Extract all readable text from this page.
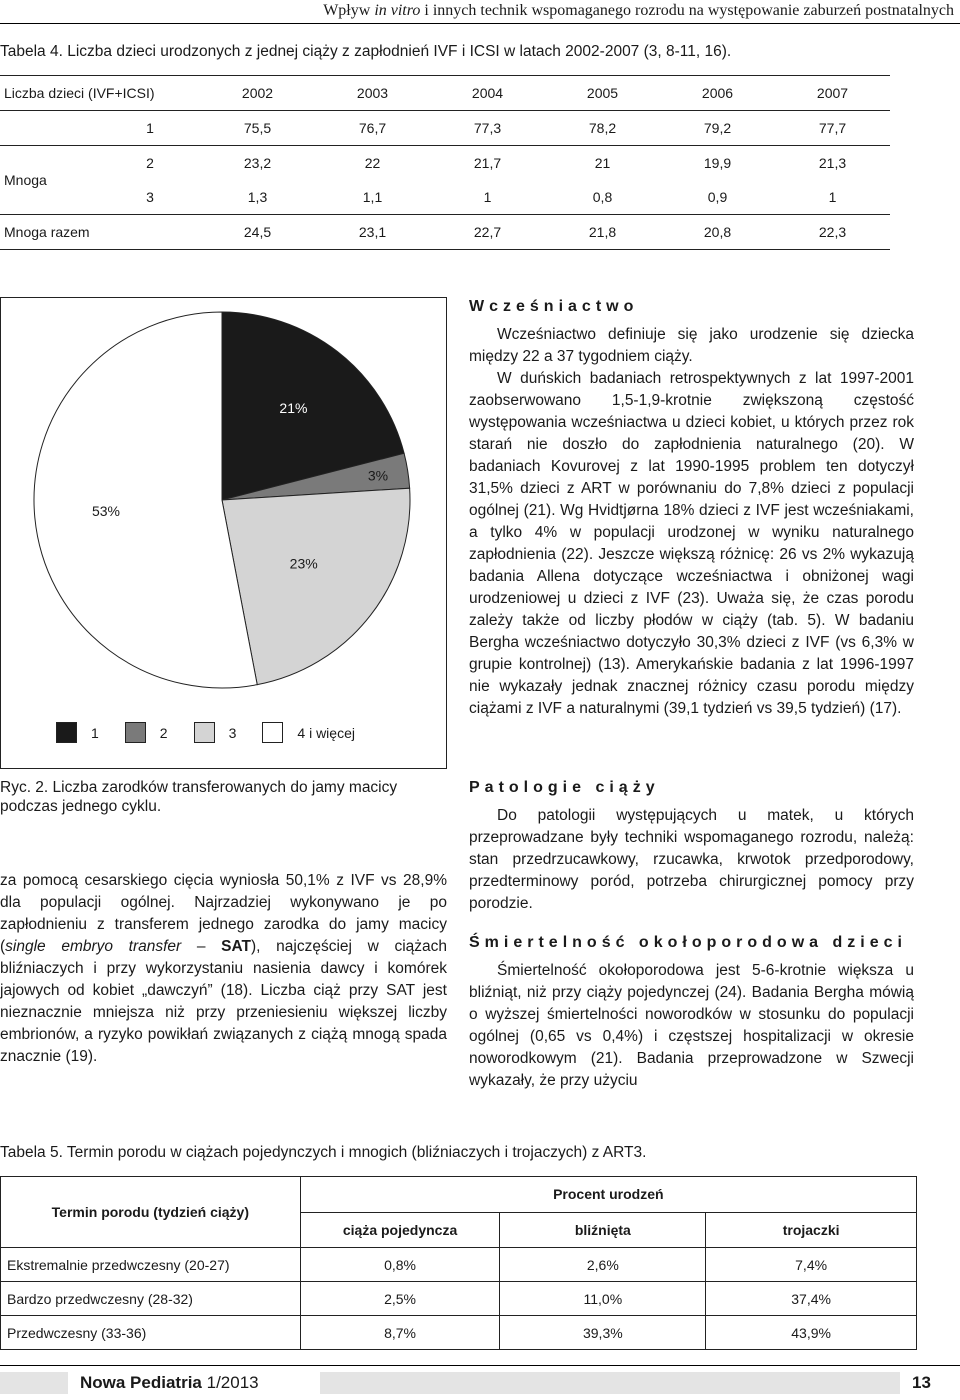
Wpływ in vitro i innych technik wspomaganego rozrodu na występowanie zaburzeń postnatalnych
Tabela 4. Liczba dzieci urodzonych z jednej ciąży z zapłodnień IVF i ICSI w latach 2002-2007 (3, 8-11, 16).
Liczba dzieci (IVF+ICSI)		2002	2003	2004	2005	2006	2007
	1	75,5	76,7	77,3	78,2	79,2	77,7
Mnoga	2	23,2	22	21,7	21	19,9	21,3
	3	1,3	1,1	1	0,8	0,9	1
Mnoga razem		24,5	23,1	22,7	21,8	20,8	22,3
21%
3%
23%
53%
1	2	3	4 i więcej
Ryc. 2. Liczba zarodków transferowanych do jamy macicy podczas jednego cyklu.

za pomocą cesarskiego cięcia wyniosła 50,1% z IVF vs 28,9% dla populacji ogólnej. Najrzadziej wykonywano je po zapłodnieniu z transferem jednego zarodka do jamy macicy (single embryo transfer – SAT), najczęściej w ciążach bliźniaczych i przy wykorzystaniu nasienia dawcy i komórek jajowych od kobiet „dawczyń” (18). Liczba ciąż przy SAT jest nieznacznie mniejsza niż przy przeniesieniu większej liczby embrionów, a ryzyko powikłań związanych z ciążą mnogą spada znacznie (19).

Wcześniactwo

Wcześniactwo definiuje się jako urodzenie się dziecka między 22 a 37 tygodniem ciąży.

W duńskich badaniach retrospektywnych z lat 1997-2001 zaobserwowano 1,5-1,9-krotnie zwiększoną częstość występowania wcześniactwa u dzieci kobiet, u których przez rok starań nie doszło do zapłodnienia naturalnego (20). W badaniach Kovurovej z lat 1990-1995 problem ten dotyczył 31,5% dzieci z ART w porównaniu do 7,8% dzieci z populacji ogólnej (21). Wg Hvidtjørna 18% dzieci z IVF jest wcześniakami, a tylko 4% w populacji urodzonej w wyniku naturalnego zapłodnienia (22). Jeszcze większą różnicę: 26 vs 2% wykazują badania Allena dotyczące wcześniactwa i obniżonej wagi urodzeniowej u dzieci z IVF (23). Uważa się, że czas porodu zależy także od liczby płodów w ciąży (tab. 5). W badaniu Bergha wcześniactwo dotyczyło 30,3% dzieci z IVF (vs 6,3% w grupie kontrolnej) (13). Amerykańskie badania z lat 1996-1997 nie wykazały jednak znacznej różnicy czasu porodu między ciążami z IVF a naturalnymi (39,1 tydzień vs 39,5 tydzień) (17).

Patologie ciąży

Do patologii występujących u matek, u których przeprowadzane były techniki wspomaganego rozrodu, należą: stan przedrzucawkowy, rzucawka, krwotok przedporodowy, przedterminowy poród, potrzeba chirurgicznej pomocy przy porodzie.

Śmiertelność okołoporodowa dzieci

Śmiertelność okołoporodowa jest 5-6-krotnie większa u bliźniąt, niż przy ciąży pojedynczej (24). Badania Bergha mówią o wyższej śmiertelności noworodków w stosunku do populacji ogólnej (0,65 vs 0,4%) i częstszej hospitalizacji w okresie noworodkowym (21). Badania przeprowadzone w Szwecji wykazały, że przy użyciu

Tabela 5. Termin porodu w ciążach pojedynczych i mnogich (bliźniaczych i trojaczych) z ART3.
Termin porodu (tydzień ciąży)	Procent urodzeń		
	ciąża pojedyncza	bliźnięta	trojaczki
Ekstremalnie przedwczesny (20-27)	0,8%	2,6%	7,4%
Bardzo przedwczesny (28-32)	2,5%	11,0%	37,4%
Przedwczesny (33-36)	8,7%	39,3%	43,9%
Nowa Pediatria 1/2013	13
